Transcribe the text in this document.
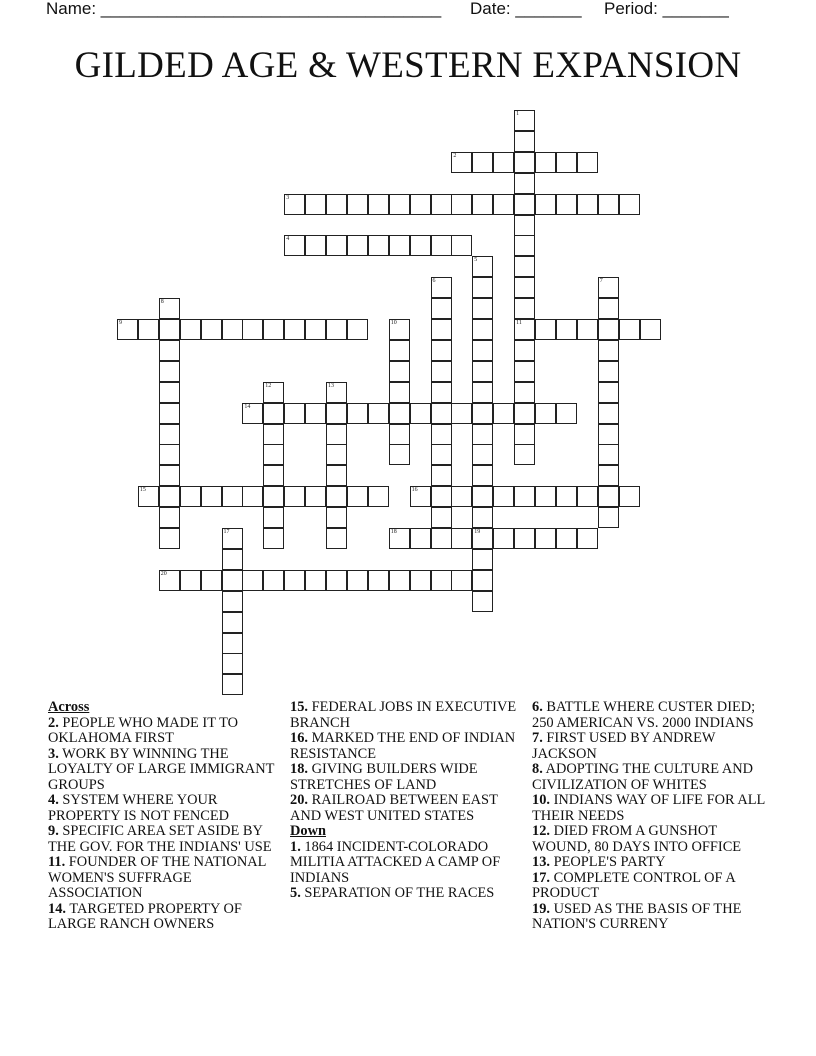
Name: ____________________________________ Date: _______ Period: _______
GILDED AGE & WESTERN EXPANSION
1
11
2
3
4
5
19
6	7
8
9	10
12	13
14
15	16
17	18
20
Across
2. PEOPLE WHO MADE IT TO OKLAHOMA FIRST
3. WORK BY WINNING THE LOYALTY OF LARGE IMMIGRANT GROUPS
4. SYSTEM WHERE YOUR PROPERTY IS NOT FENCED
9. SPECIFIC AREA SET ASIDE BY THE GOV. FOR THE INDIANS' USE
11. FOUNDER OF THE NATIONAL WOMEN'S SUFFRAGE ASSOCIATION
14. TARGETED PROPERTY OF LARGE RANCH OWNERS
15. FEDERAL JOBS IN EXECUTIVE BRANCH
16. MARKED THE END OF INDIAN RESISTANCE
18. GIVING BUILDERS WIDE STRETCHES OF LAND
20. RAILROAD BETWEEN EAST AND WEST UNITED STATES
Down
1. 1864 INCIDENT-COLORADO MILITIA ATTACKED A CAMP OF INDIANS
5. SEPARATION OF THE RACES
6. BATTLE WHERE CUSTER DIED; 250 AMERICAN VS. 2000 INDIANS
7. FIRST USED BY ANDREW JACKSON
8. ADOPTING THE CULTURE AND CIVILIZATION OF WHITES
10. INDIANS WAY OF LIFE FOR ALL THEIR NEEDS
12. DIED FROM A GUNSHOT WOUND, 80 DAYS INTO OFFICE
13. PEOPLE'S PARTY
17. COMPLETE CONTROL OF A PRODUCT
19. USED AS THE BASIS OF THE NATION'S CURRENY
